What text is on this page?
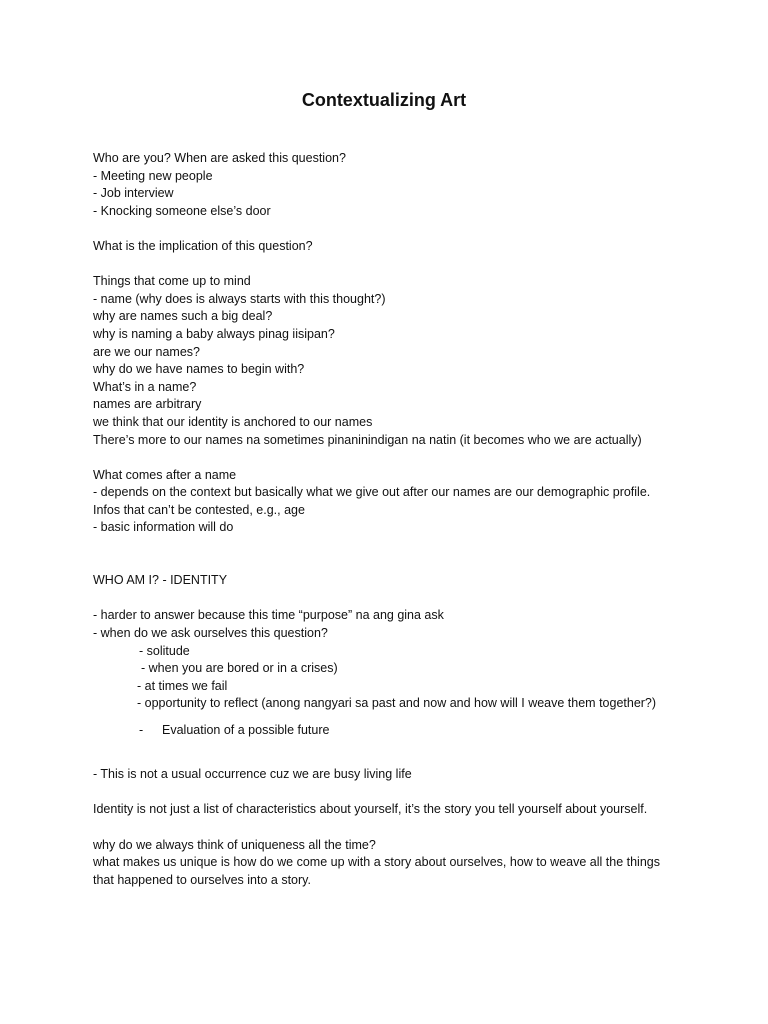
Contextualizing Art
Who are you? When are asked this question?
- Meeting new people
- Job interview
- Knocking someone else’s door
What is the implication of this question?
Things that come up to mind
- name (why does is always starts with this thought?)
why are names such a big deal?
why is naming a baby always pinag iisipan?
are we our names?
why do we have names to begin with?
What’s in a name?
names are arbitrary
we think that our identity is anchored to our names
There’s more to our names na sometimes pinaninindigan na natin (it becomes who we are actually)
What comes after a name
- depends on the context but basically what we give out after our names are our demographic profile. Infos that can’t be contested, e.g., age
- basic information will do
WHO AM I? - IDENTITY
- harder to answer because this time “purpose” na ang gina ask
- when do we ask ourselves this question?
- solitude
- when you are bored or in a crises)
- at times we fail
- opportunity to reflect (anong nangyari sa past and now and how will I weave them together?)
- Evaluation of a possible future
- This is not a usual occurrence cuz we are busy living life
Identity is not just a list of characteristics about yourself, it’s the story you tell yourself about yourself.
why do we always think of uniqueness all the time?
what makes us unique is how do we come up with a story about ourselves, how to weave all the things that happened to ourselves into a story.
